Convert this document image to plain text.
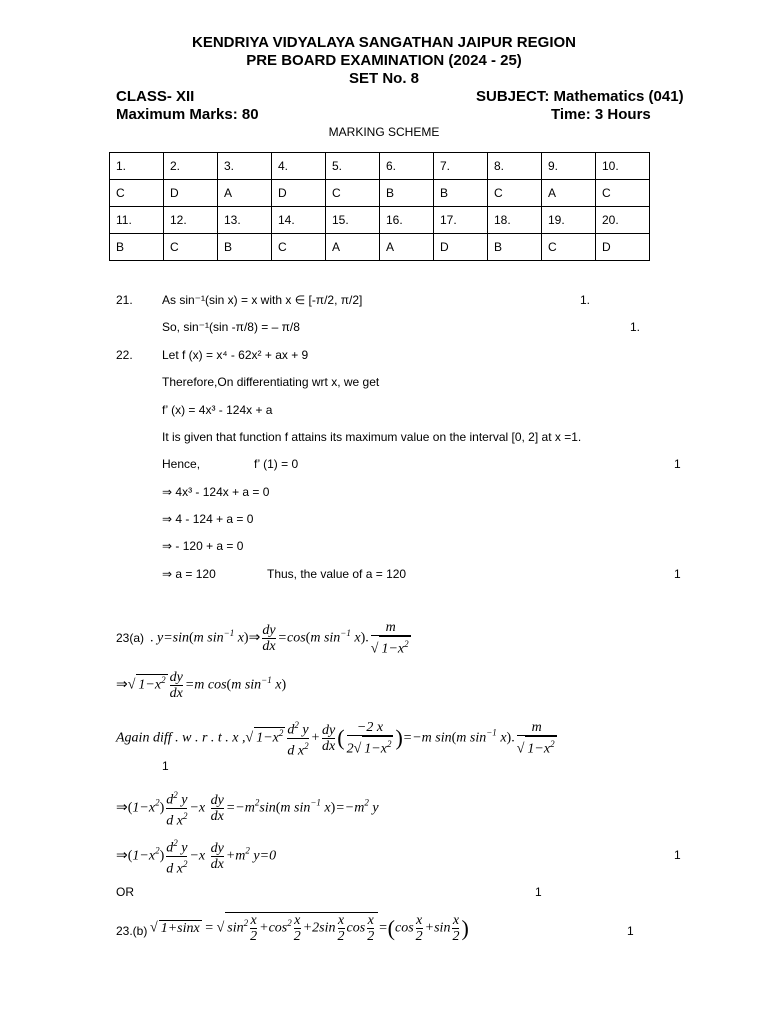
KENDRIYA VIDYALAYA SANGATHAN JAIPUR REGION
PRE BOARD EXAMINATION (2024 - 25)
SET No. 8
CLASS- XII	SUBJECT: Mathematics (041)
Maximum Marks: 80	Time: 3 Hours
MARKING SCHEME
1.	2.	3.	4.	5.	6.	7.	8.	9.	10.
C	D	A	D	C	B	B	C	A	C
11.	12.	13.	14.	15.	16.	17.	18.	19.	20.
B	C	B	C	A	A	D	B	C	D
21. As sin⁻¹(sin x) = x with x ∈ [-π/2, π/2]	1.
So, sin⁻¹(sin -π/8) = – π/8	1.
22. Let f (x) = x⁴ - 62x² + ax + 9
Therefore,On differentiating wrt x, we get
f’ (x) = 4x³ - 124x + a
It is given that function f attains its maximum value on the interval [0, 2] at x =1.
Hence,	f’ (1) = 0	1
⇒ 4x³ - 124x + a = 0
⇒ 4 - 124 + a = 0
⇒ - 120 + a = 0
⇒ a = 120	Thus, the value of a = 120	1
23(a) . y=sin(m $\sin^{-1}$ x)⇒ $\frac{dy}{dx} =\cos(m$ $\sin^{-1} x$). $\frac{m}{√ 1-x^2}$
⇒√ $1-x^2 \frac{dy}{dx} =m$ cos(m $\sin^{-1} x$)
Again diff . w . r . t . x ,√ $1-x^2 \frac{d^2 y}{d x^2} + \frac{dy}{dx}$ ( $\frac{-2 x}{2√ 1-x^2} )=-m$ sin(m $\sin^{-1} x$). $\frac{m}{√ 1-x^2}$
1
$\Rightarrow(1-x^2) \frac{d^2 y}{d x^2} -x \frac{dy}{dx} =-m^2\sin(m$ $\sin^{-1} x)=-m^2$ y
$\Rightarrow(1-x^2) \frac{d^2 y}{d x^2} -x \frac{dy}{dx} +m^2$ y=0	1
OR	1
23.(b) √ 1+sinx = √ $\sin^2 \frac{x}{2} +\cos^2 \frac{x}{2} +2\sin \frac{x}{2}$ $\cos \frac{x}{2} =(\cos \frac{x}{2} +\sin \frac{x}{2}$ )	1
